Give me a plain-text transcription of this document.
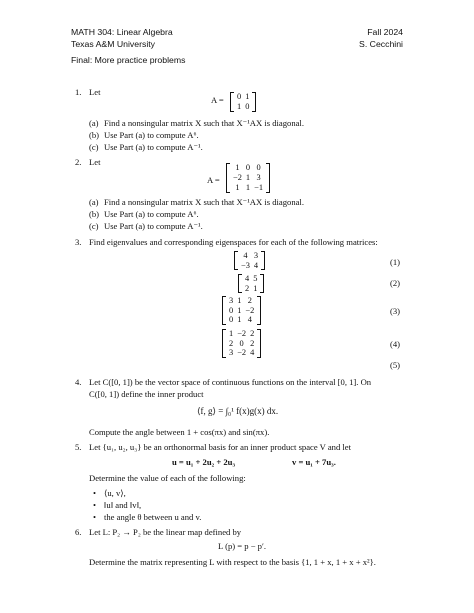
MATH 304: Linear Algebra
Texas A&M University
Fall 2024
S. Cecchini
Final: More practice problems
1. Let
A = 0	1
1	0
(a) Find a nonsingular matrix X such that X⁻¹AX is diagonal.
(b) Use Part (a) to compute A⁶.
(c) Use Part (a) to compute A⁻¹.
2. Let
A =
1	0	0
−2	1	3
1	1	−1
(a) Find a nonsingular matrix X such that X⁻¹AX is diagonal.
(b) Use Part (a) to compute A⁶.
(c) Use Part (a) to compute A⁻¹.
3. Find eigenvalues and corresponding eigenspaces for each of the following matrices:
4	3
−3	4	(1)
4	5
2	1
(2)
3	1	2
0	1	−2
0	1	4
(3)
1	−2	2
2	0	2
3	−2	4
(4)
(5)
4. Let C([0, 1]) be the vector space of continuous functions on the interval [0, 1]. On
C([0, 1]) define the inner product
⟨f, g⟩ = ∫₀¹ f(x)g(x) dx.
Compute the angle between 1 + cos(πx) and sin(πx).
5. Let {u₁, u₂, u₃} be an orthonormal basis for an inner product space V and let
u = u₁ + 2u₂ + 2u₃	v = u₁ + 7u₃.
Determine the value of each of the following:
• ⟨u, v⟩,
• ‖u‖ and ‖v‖,
• the angle θ between u and v.
6. Let L: P₂ → P₂ be the linear map defined by
L (p) = p − p′.
Determine the matrix representing L with respect to the basis {1, 1 + x, 1 + x + x²}.
